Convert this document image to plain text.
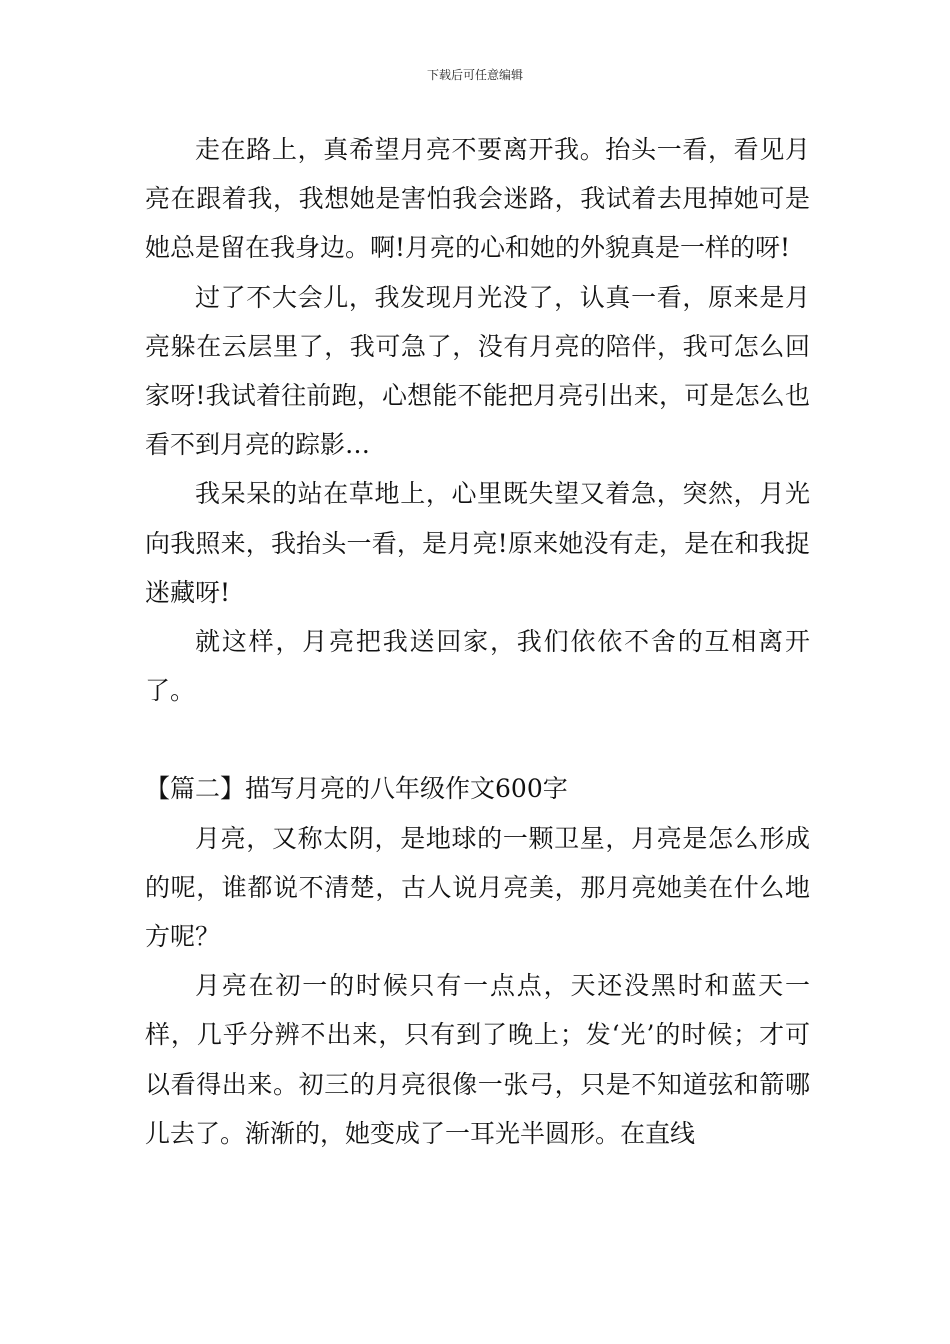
下载后可任意编辑

走在路上，真希望月亮不要离开我。抬头一看，看见月亮在跟着我，我想她是害怕我会迷路，我试着去甩掉她可是她总是留在我身边。啊!月亮的心和她的外貌真是一样的呀!

过了不大会儿，我发现月光没了，认真一看，原来是月亮躲在云层里了，我可急了，没有月亮的陪伴，我可怎么回家呀!我试着往前跑，心想能不能把月亮引出来，可是怎么也看不到月亮的踪影…

我呆呆的站在草地上，心里既失望又着急，突然，月光向我照来，我抬头一看，是月亮!原来她没有走，是在和我捉迷藏呀!

就这样，月亮把我送回家，我们依依不舍的互相离开了。

【篇二】描写月亮的八年级作文600字

月亮，又称太阴，是地球的一颗卫星，月亮是怎么形成的呢，谁都说不清楚，古人说月亮美，那月亮她美在什么地方呢？

月亮在初一的时候只有一点点，天还没黑时和蓝天一样，几乎分辨不出来，只有到了晚上；发‘光’的时候；才可以看得出来。初三的月亮很像一张弓，只是不知道弦和箭哪儿去了。渐渐的，她变成了一耳光半圆形。在直线
